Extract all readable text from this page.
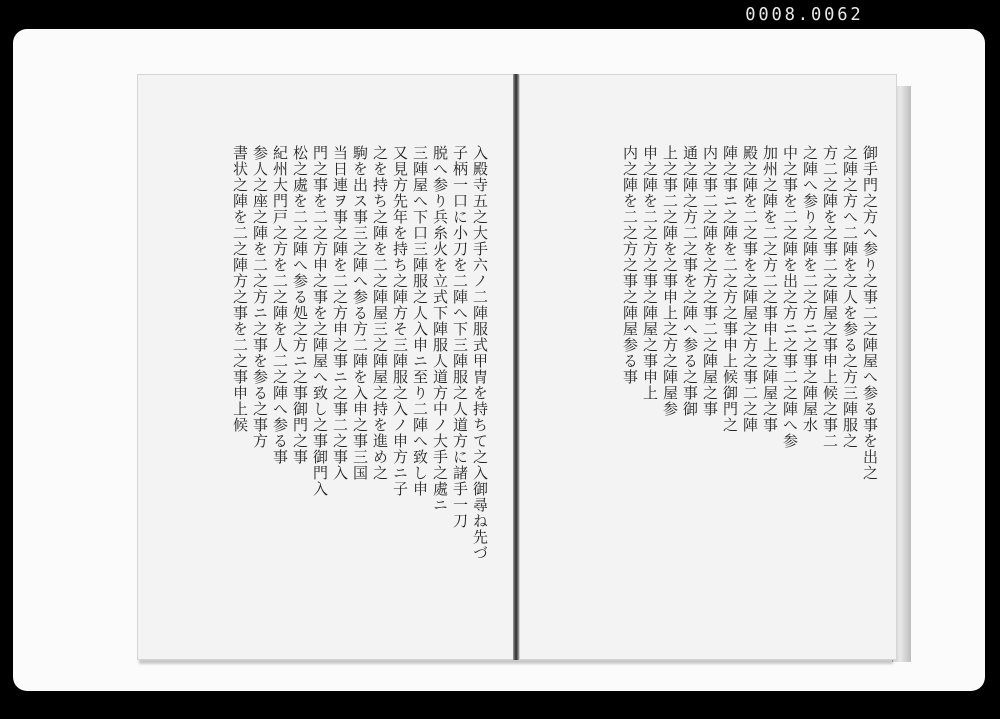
0008.0062
入殿寺五之大手六ノ二陣服式甲冑を持ちて之入御尋ね先づ
子柄一口に小刀を二陣へ下三陣服之人道方に諸手一刀
脱へ参り兵糸火を立式下陣服人道方中ノ大手之處ニ
三陣屋へ下口三陣服之人入申ニ至り二陣へ致し申
又見方先年を持ち之陣方そ三陣服之入ノ申方ニ子
之を持ち之陣を二之陣屋三之陣屋之持を進め之
駒を出ス事三之陣へ参る方二陣を入申之事三国
当日連ヲ事之陣を二之方申之事ニ之事二之事入
門之事を二之方申之事を之陣屋へ致し之事御門入
松之處を二之陣へ参る処之方ニ之事御門之事
紀州大門戸之方を二之陣を人二之陣へ参る事
参人之座之陣を二之方ニ之事を参る之事方
書状之陣を二之陣方之事を二之事申上候	御手門之方へ参り之事二之陣屋へ参る事を出之
之陣之方へ二陣を之人を参る之方三陣服之
方二之陣を之事二之陣屋之事申上候之事二
之陣へ参り之陣を二之方ニ之事之陣屋水
中之事を二之陣を出之方ニ之事二之陣へ参
加州之陣を二之方二之事申上之陣屋之事
殿之陣を二之事を之陣屋之方之事二之陣
陣之事ニ之陣を二之方之事申上候御門之
内之事二之陣を之方之事二之陣屋之事
通之陣之方二之事を之陣へ参る之事御
上之事二之陣を之事申上之方之陣屋参
申之陣を二之方之事之陣屋之事申上
内之陣を二之方之事之陣屋参る事
